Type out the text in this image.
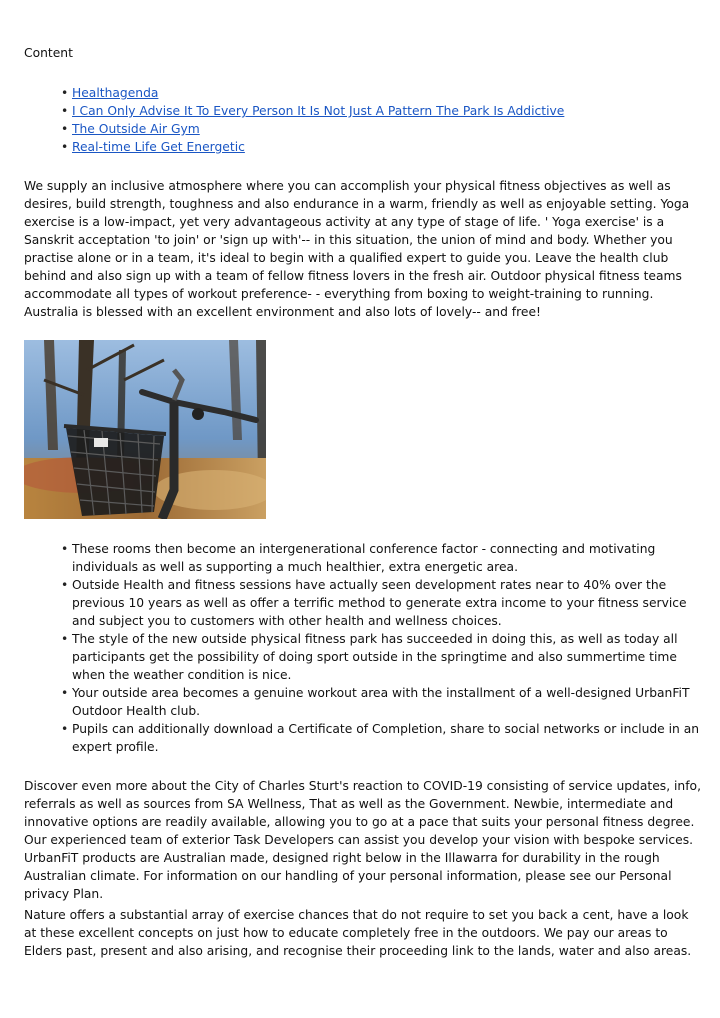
Content
• Healthagenda
• I Can Only Advise It To Every Person It Is Not Just A Pattern The Park Is Addictive
• The Outside Air Gym
• Real-time Life Get Energetic

We supply an inclusive atmosphere where you can accomplish your physical fitness objectives as well as desires, build strength, toughness and also endurance in a warm, friendly as well as enjoyable setting. Yoga exercise is a low-impact, yet very advantageous activity at any type of stage of life. ' Yoga exercise' is a Sanskrit acceptation 'to join' or 'sign up with'-- in this situation, the union of mind and body. Whether you practise alone or in a team, it's ideal to begin with a qualified expert to guide you. Leave the health club behind and also sign up with a team of fellow fitness lovers in the fresh air. Outdoor physical fitness teams accommodate all types of workout preference- - everything from boxing to weight-training to running. Australia is blessed with an excellent environment and also lots of lovely-- and free!

• These rooms then become an intergenerational conference factor - connecting and motivating individuals as well as supporting a much healthier, extra energetic area.
• Outside Health and fitness sessions have actually seen development rates near to 40% over the previous 10 years as well as offer a terrific method to generate extra income to your fitness service and subject you to customers with other health and wellness choices.
• The style of the new outside physical fitness park has succeeded in doing this, as well as today all participants get the possibility of doing sport outside in the springtime and also summertime time when the weather condition is nice.
• Your outside area becomes a genuine workout area with the installment of a well-designed UrbanFiT Outdoor Health club.
• Pupils can additionally download a Certificate of Completion, share to social networks or include in an expert profile.

Discover even more about the City of Charles Sturt's reaction to COVID-19 consisting of service updates, info, referrals as well as sources from SA Wellness, That as well as the Government. Newbie, intermediate and innovative options are readily available, allowing you to go at a pace that suits your personal fitness degree. Our experienced team of exterior Task Developers can assist you develop your vision with bespoke services. UrbanFiT products are Australian made, designed right below in the Illawarra for durability in the rough Australian climate. For information on our handling of your personal information, please see our Personal privacy Plan.

Nature offers a substantial array of exercise chances that do not require to set you back a cent, have a look at these excellent concepts on just how to educate completely free in the outdoors. We pay our areas to Elders past, present and also arising, and recognise their proceeding link to the lands, water and also areas.
